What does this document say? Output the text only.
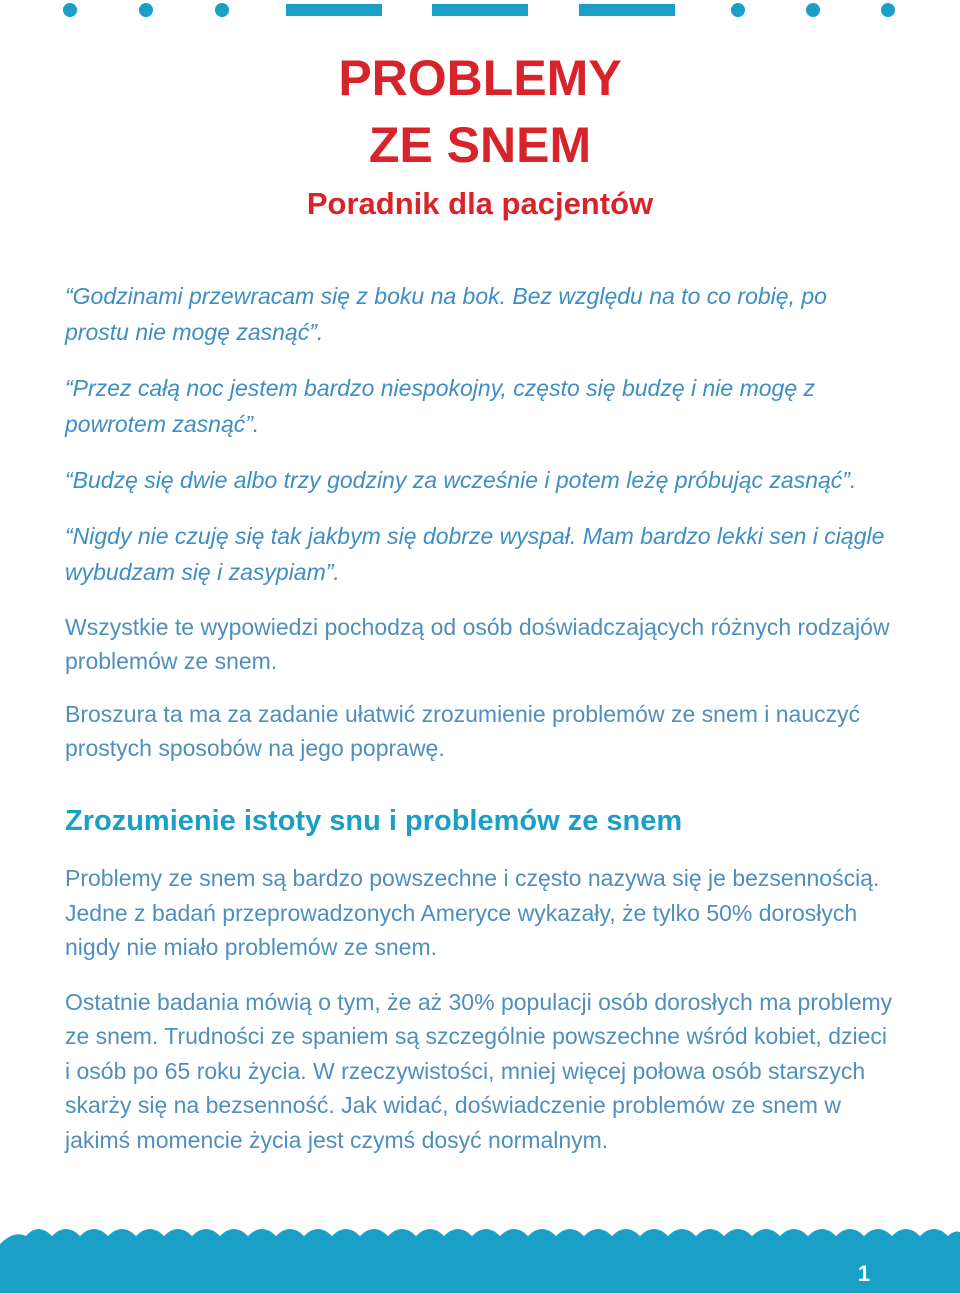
PROBLEMY
ZE SNEM
Poradnik dla pacjentów

“Godzinami przewracam się z boku na bok. Bez względu na to co robię, po prostu nie mogę zasnąć”.

“Przez całą noc jestem bardzo niespokojny, często się budzę i nie mogę z powrotem zasnąć”.

“Budzę się dwie albo trzy godziny za wcześnie i potem leżę próbując zasnąć”.

“Nigdy nie czuję się tak jakbym się dobrze wyspał. Mam bardzo lekki sen i ciągle wybudzam się i zasypiam”.

Wszystkie te wypowiedzi pochodzą od osób doświadczających różnych rodzajów problemów ze snem.

Broszura ta ma za zadanie ułatwić zrozumienie problemów ze snem i nauczyć prostych sposobów na jego poprawę.

Zrozumienie istoty snu i problemów ze snem

Problemy ze snem są bardzo powszechne i często nazywa się je bezsennością. Jedne z badań przeprowadzonych Ameryce wykazały, że tylko 50% dorosłych nigdy nie miało problemów ze snem.

Ostatnie badania mówią o tym, że aż 30% populacji osób dorosłych ma problemy ze snem. Trudności ze spaniem są szczególnie powszechne wśród kobiet, dzieci i osób po 65 roku życia. W rzeczywistości, mniej więcej połowa osób starszych skarży się na bezsenność. Jak widać, doświadczenie problemów ze snem w jakimś momencie życia jest czymś dosyć normalnym.

1
